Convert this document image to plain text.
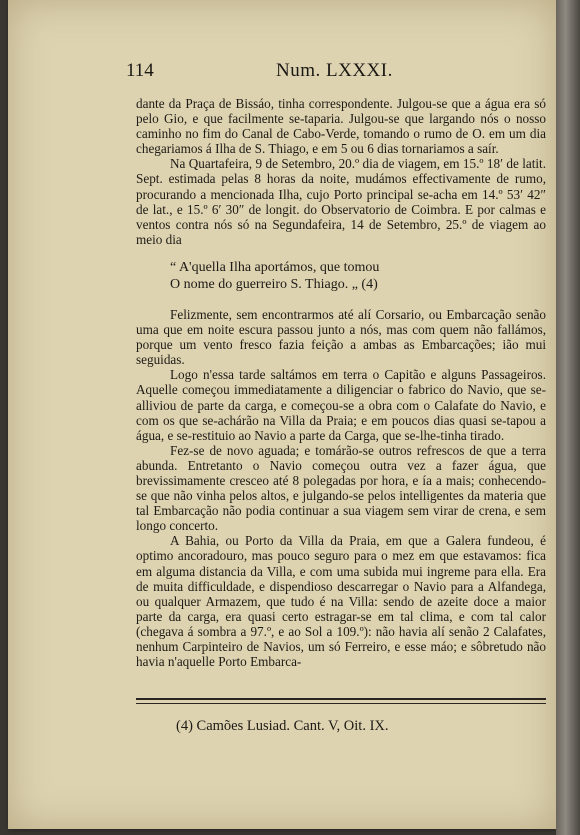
114	Num. LXXXI.

dante da Praça de Bissáo, tinha correspondente. Julgou-se que a água era só pelo Gio, e que facilmente se-taparia. Julgou-se que largando nós o nosso caminho no fim do Canal de Cabo-Verde, tomando o rumo de O. em um dia chegariamos á Ilha de S. Thiago, e em 5 ou 6 dias tornariamos a saír.

Na Quartafeira, 9 de Setembro, 20.º dia de viagem, em 15.º 18′ de latit. Sept. estimada pelas 8 horas da noite, mudámos effectivamente de rumo, procurando a mencionada Ilha, cujo Porto principal se-acha em 14.º 53′ 42″ de lat., e 15.º 6′ 30″ de longit. do Observatorio de Coimbra. E por calmas e ventos contra nós só na Segundafeira, 14 de Setembro, 25.º de viagem ao meio dia

“ A'quella Ilha aportámos, que tomou
O nome do guerreiro S. Thiago. „ (4)

Felizmente, sem encontrarmos até alí Corsario, ou Embarcação senão uma que em noite escura passou junto a nós, mas com quem não fallámos, porque um vento fresco fazia feição a ambas as Embarcações; ião mui seguidas.

Logo n'essa tarde saltámos em terra o Capitão e alguns Passageiros. Aquelle começou immediatamente a diligenciar o fabrico do Navio, que se-alliviou de parte da carga, e começou-se a obra com o Calafate do Navio, e com os que se-achárão na Villa da Praia; e em poucos dias quasi se-tapou a água, e se-restituio ao Navio a parte da Carga, que se-lhe-tinha tirado.

Fez-se de novo aguada; e tomárão-se outros refrescos de que a terra abunda. Entretanto o Navio começou outra vez a fazer água, que brevissimamente cresceo até 8 polegadas por hora, e ía a mais; conhecendo-se que não vinha pelos altos, e julgando-se pelos intelligentes da materia que tal Embarcação não podia continuar a sua viagem sem virar de crena, e sem longo concerto.

A Bahia, ou Porto da Villa da Praia, em que a Galera fundeou, é optimo ancoradouro, mas pouco seguro para o mez em que estavamos: fica em alguma distancia da Villa, e com uma subida mui ingreme para ella. Era de muita difficuldade, e dispendioso descarregar o Navio para a Alfandega, ou qualquer Armazem, que tudo é na Villa: sendo de azeite doce a maior parte da carga, era quasi certo estragar-se em tal clima, e com tal calor (chegava á sombra a 97.º, e ao Sol a 109.º): não havia alí senão 2 Calafates, nenhum Carpinteiro de Navios, um só Ferreiro, e esse máo; e sôbretudo não havia n'aquelle Porto Embarca-

(4) Camões Lusiad. Cant. V, Oit. IX.
